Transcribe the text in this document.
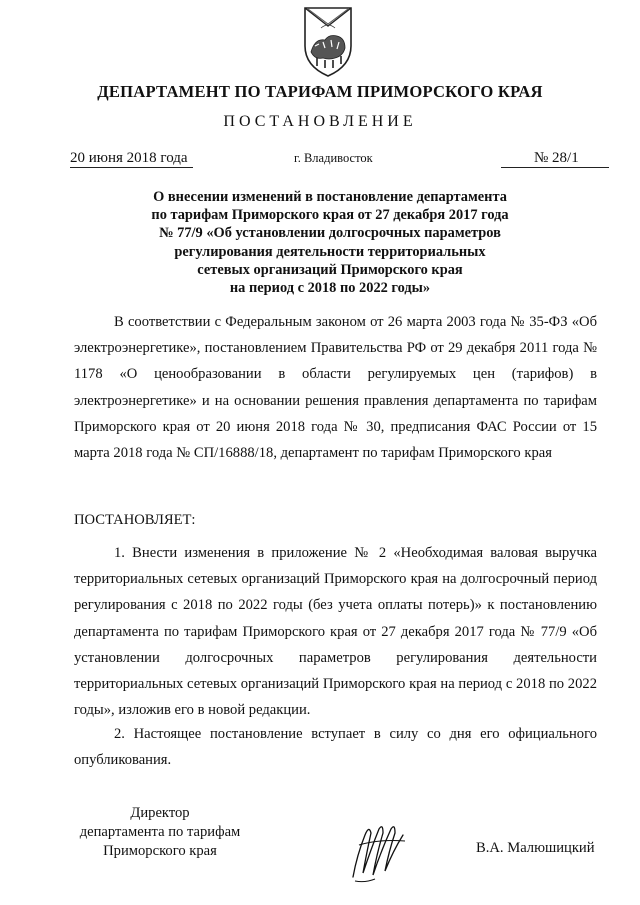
ДЕПАРТАМЕНТ ПО ТАРИФАМ ПРИМОРСКОГО КРАЯ
ПОСТАНОВЛЕНИЕ
20 июня 2018 года	г. Владивосток	№ 28/1
О внесении изменений в постановление департамента
по тарифам Приморского края от 27 декабря 2017 года
№ 77/9 «Об установлении долгосрочных параметров
регулирования деятельности территориальных
сетевых организаций Приморского края
на период с 2018 по 2022 годы»
В соответствии с Федеральным законом от 26 марта 2003 года № 35-ФЗ «Об электроэнергетике», постановлением Правительства РФ от 29 декабря 2011 года № 1178 «О ценообразовании в области регулируемых цен (тарифов) в электроэнергетике» и на основании решения правления департамента по тарифам Приморского края от 20 июня 2018 года № 30, предписания ФАС России от 15 марта 2018 года № СП/16888/18, департамент по тарифам Приморского края
ПОСТАНОВЛЯЕТ:
1. Внести изменения в приложение № 2 «Необходимая валовая выручка территориальных сетевых организаций Приморского края на долгосрочный период регулирования с 2018 по 2022 годы (без учета оплаты потерь)» к постановлению департамента по тарифам Приморского края от 27 декабря 2017 года № 77/9 «Об установлении долгосрочных параметров регулирования деятельности территориальных сетевых организаций Приморского края на период с 2018 по 2022 годы», изложив его в новой редакции.
2. Настоящее постановление вступает в силу со дня его официального опубликования.
Директор
департамента по тарифам
Приморского края	В.А. Малюшицкий
